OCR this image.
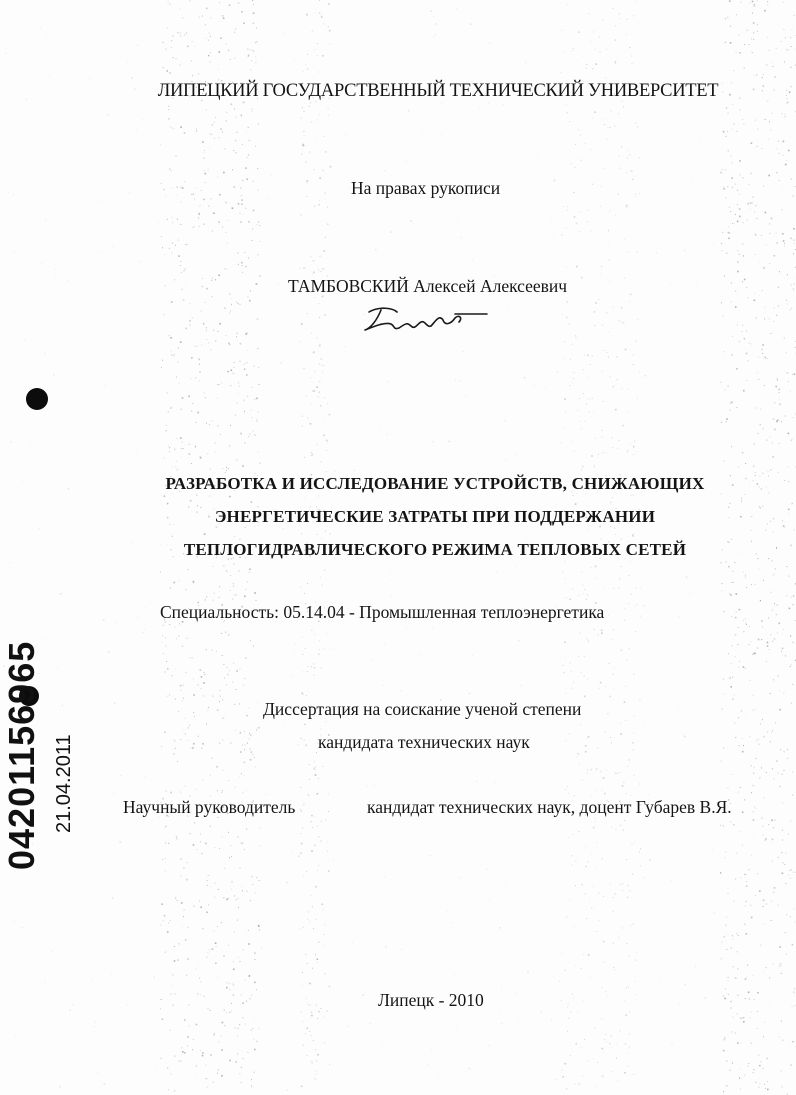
ЛИПЕЦКИЙ ГОСУДАРСТВЕННЫЙ ТЕХНИЧЕСКИЙ УНИВЕРСИТЕТ
На правах рукописи
ТАМБОВСКИЙ Алексей Алексеевич
РАЗРАБОТКА И ИССЛЕДОВАНИЕ УСТРОЙСТВ, СНИЖАЮЩИХ
ЭНЕРГЕТИЧЕСКИЕ ЗАТРАТЫ ПРИ ПОДДЕРЖАНИИ
ТЕПЛОГИДРАВЛИЧЕСКОГО РЕЖИМА ТЕПЛОВЫХ СЕТЕЙ
Специальность: 05.14.04 - Промышленная теплоэнергетика
Диссертация на соискание ученой степени
кандидата технических наук
Научный руководитель	кандидат технических наук, доцент Губарев В.Я.
Липецк - 2010
04201156965 21.04.2011
